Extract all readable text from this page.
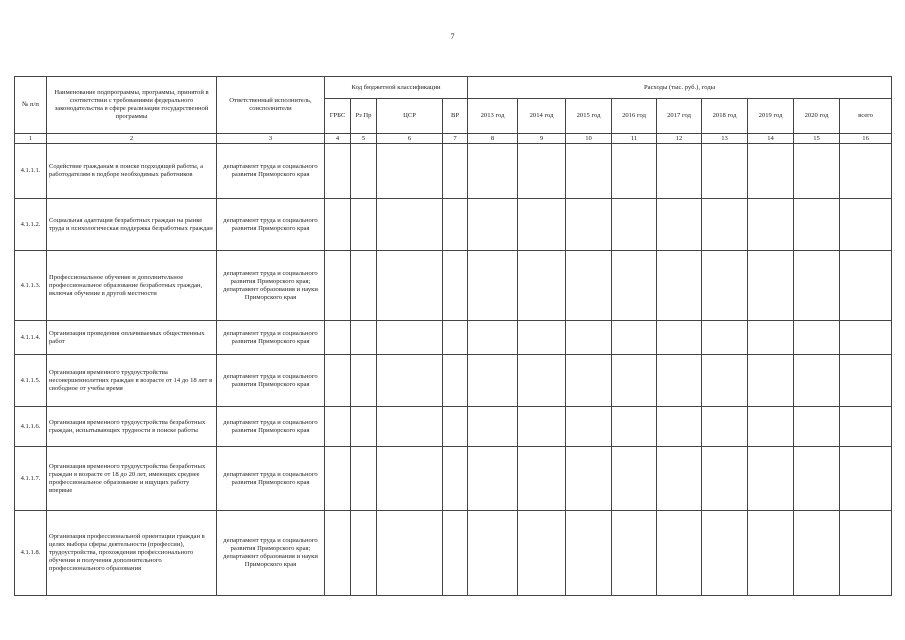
7
№ п/п	Наименование подпрограммы, программы, принятой в соответствии с требованиями федерального законодательства в сфере реализации государственной программы	Ответственный исполнитель, соисполнители	Код бюджетной классификации				Расходы (тыс. руб.), годы								
			ГРБС	Рз Пр	ЦСР	ВР	2013 год	2014 год	2015 год	2016 год	2017 год	2018 год	2019 год	2020 год	всего
1	2	3	4	5	6	7	8	9	10	11	12	13	14	15	16
4.1.1.1.	Содействие гражданам в поиске подходящей работы, а работодателям в подборе необходимых работников	департамент труда и социального развития Приморского края													
4.1.1.2.	Социальная адаптация безработных граждан на рынке труда и психологическая поддержка безработных граждан	департамент труда и социального развития Приморского края													
4.1.1.3.	Профессиональное обучение и дополнительное профессиональное образование безработных граждан, включая обучение в другой местности	департамент труда и социального развития Приморского края; департамент образования и науки Приморского края													
4.1.1.4.	Организация проведения оплачиваемых общественных работ	департамент труда и социального развития Приморского края													
4.1.1.5.	Организация временного трудоустройства несовершеннолетних граждан в возрасте от 14 до 18 лет в свободное от учебы время	департамент труда и социального развития Приморского края													
4.1.1.6.	Организация временного трудоустройства безработных граждан, испытывающих трудности в поиске работы	департамент труда и социального развития Приморского края													
4.1.1.7.	Организация временного трудоустройства безработных граждан в возрасте от 18 до 20 лет, имеющих среднее профессиональное образование и ищущих работу впервые	департамент труда и социального развития Приморского края													
4.1.1.8.	Организация профессиональной ориентации граждан в целях выбора сферы деятельности (профессии), трудоустройства, прохождения профессионального обучения и получения дополнительного профессионального образования	департамент труда и социального развития Приморского края; департамент образования и науки Приморского края													
